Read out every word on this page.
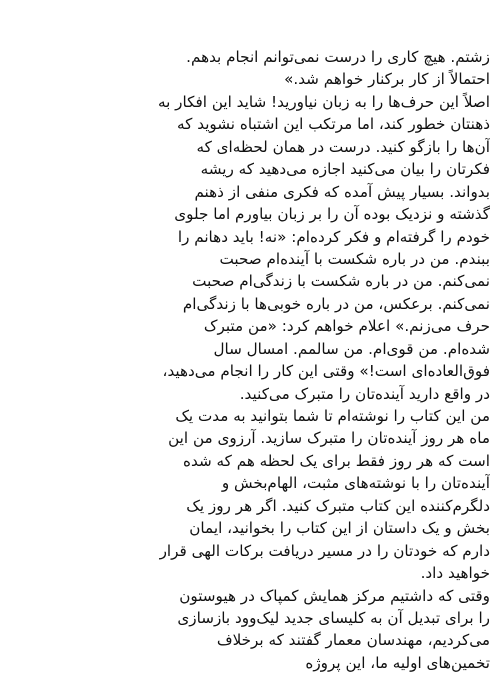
زشتم. هیچ کاری را درست نمی‌توانم انجام بدهم.
احتمالاً از کار برکنار خواهم شد.»
اصلاً این حرف‌ها را به زبان نیاورید! شاید این افکار به
ذهنتان خطور کند، اما مرتکب این اشتباه نشوید که
آن‌ها را بازگو کنید. درست در همان لحظه‌ای که
فکرتان را بیان می‌کنید اجازه می‌دهید که ریشه
بدواند. بسیار پیش آمده که فکری منفی از ذهنم
گذشته و نزدیک بوده آن را بر زبان بیاورم اما جلوی
خودم را گرفته‌ام و فکر کرده‌ام: «نه! باید دهانم را
ببندم. من در باره شکست با آینده‌ام صحبت
نمی‌کنم. من در باره شکست با زندگی‌ام صحبت
نمی‌کنم. برعکس، من در باره خوبی‌ها با زندگی‌ام
حرف می‌زنم.» اعلام خواهم کرد: «من متبرک
شده‌ام. من قوی‌ام. من سالمم. امسال سال
فوق‌العاده‌ای است!» وقتی این کار را انجام می‌دهید،
در واقع دارید آینده‌تان را متبرک می‌کنید.
من این کتاب را نوشته‌ام تا شما بتوانید به مدت یک
ماه هر روز آینده‌تان را متبرک سازید. آرزوی من این
است که هر روز فقط برای یک لحظه هم که شده
آینده‌تان را با نوشته‌های مثبت، الهام‌بخش و
دلگرم‌کننده این کتاب متبرک کنید. اگر هر روز یک
بخش و یک داستان از این کتاب را بخوانید، ایمان
دارم که خودتان را در مسیر دریافت برکات الهی قرار
خواهید داد.
وقتی که داشتیم مرکز همایش کمپاک در هیوستون
را برای تبدیل آن به کلیسای جدید لیک‌وود بازسازی
می‌کردیم، مهندسان معمار گفتند که برخلاف
تخمین‌های اولیه ما، این پروژه
